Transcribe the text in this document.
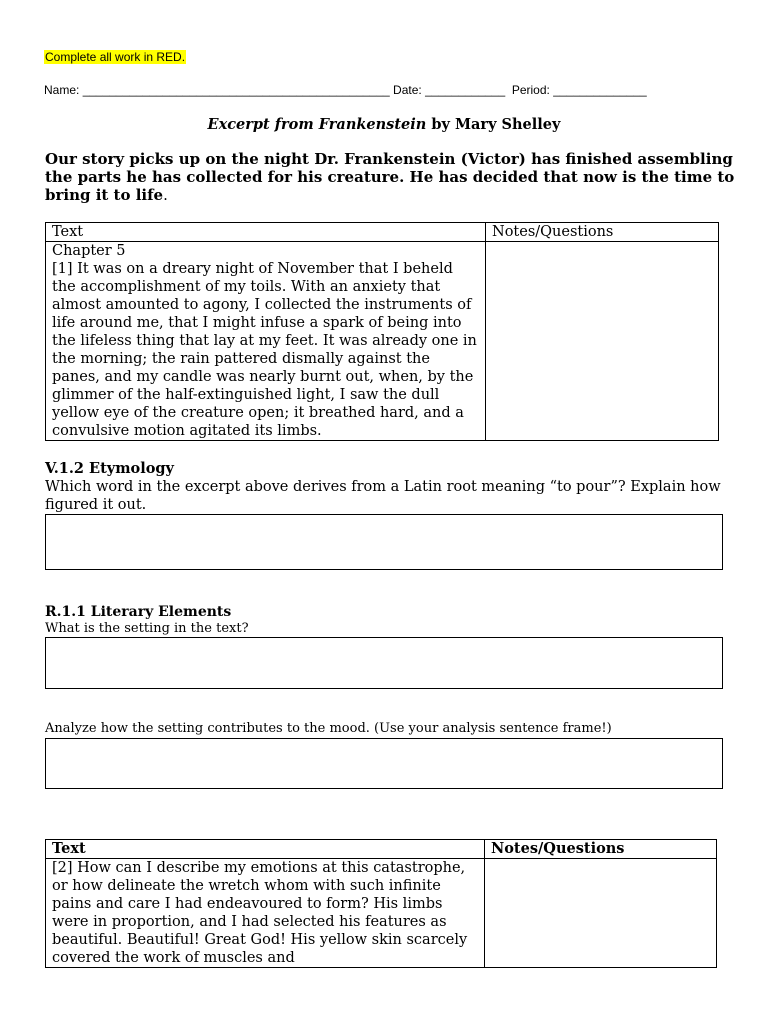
Complete all work in RED.
Name: ______________________________________________ Date: ____________ Period: ______________
Excerpt from Frankenstein by Mary Shelley
Our story picks up on the night Dr. Frankenstein (Victor) has finished assembling the parts he has collected for his creature. He has decided that now is the time to bring it to life.
Text	Notes/Questions

Chapter 5
[1] It was on a dreary night of November that I beheld the accomplishment of my toils. With an anxiety that almost amounted to agony, I collected the instruments of life around me, that I might infuse a spark of being into the lifeless thing that lay at my feet. It was already one in the morning; the rain pattered dismally against the panes, and my candle was nearly burnt out, when, by the glimmer of the half-extinguished light, I saw the dull yellow eye of the creature open; it breathed hard, and a convulsive motion agitated its limbs.	

V.1.2 Etymology
Which word in the excerpt above derives from a Latin root meaning “to pour”? Explain how figured it out.
R.1.1 Literary Elements
What is the setting in the text?
Analyze how the setting contributes to the mood. (Use your analysis sentence frame!)
Text	Notes/Questions

[2] How can I describe my emotions at this catastrophe, or how delineate the wretch whom with such infinite pains and care I had endeavoured to form? His limbs were in proportion, and I had selected his features as beautiful. Beautiful! Great God! His yellow skin scarcely covered the work of muscles and	
